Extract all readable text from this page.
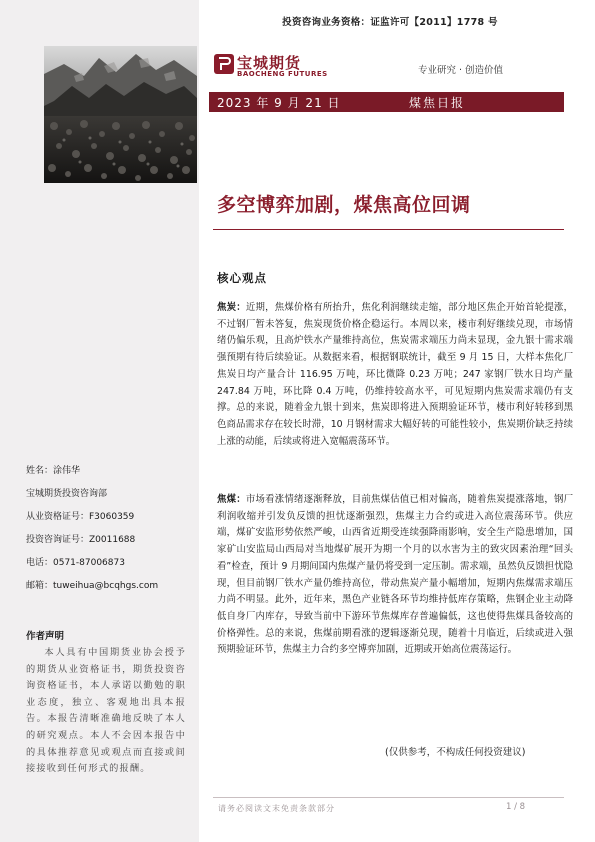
投资咨询业务资格：证监许可【2011】1778 号
宝城期货
BAOCHENG FUTURES	专业研究 · 创造价值
2023 年 9 月 21 日	煤焦日报
多空博弈加剧，煤焦高位回调
核心观点

焦炭：近期，焦煤价格有所抬升，焦化利润继续走缩，部分地区焦企开始首轮提涨，不过钢厂暂未答复，焦炭现货价格企稳运行。本周以来，楼市利好继续兑现，市场情绪仍偏乐观，且高炉铁水产量维持高位，焦炭需求端压力尚未显现，金九银十需求端强预期有待后续验证。从数据来看，根据钢联统计，截至 9 月 15 日，大样本焦化厂焦炭日均产量合计 116.95 万吨，环比微降 0.23 万吨；247 家钢厂铁水日均产量 247.84 万吨，环比降 0.4 万吨，仍维持较高水平，可见短期内焦炭需求端仍有支撑。总的来说，随着金九银十到来，焦炭即将进入预期验证环节，楼市利好转移到黑色商品需求存在较长时滞，10 月钢材需求大幅好转的可能性较小，焦炭期价缺乏持续上涨的动能，后续或将进入宽幅震荡环节。

焦煤：市场看涨情绪逐渐释放，目前焦煤估值已相对偏高，随着焦炭提涨落地，钢厂利润收缩并引发负反馈的担忧逐渐强烈，焦煤主力合约或进入高位震荡环节。供应端，煤矿安监形势依然严峻，山西省近期受连续强降雨影响，安全生产隐患增加，国家矿山安监局山西局对当地煤矿展开为期一个月的以水害为主的致灾因素治理“回头看”检查，预计 9 月期间国内焦煤产量仍将受到一定压制。需求端，虽然负反馈担忧隐现，但目前钢厂铁水产量仍维持高位，带动焦炭产量小幅增加，短期内焦煤需求端压力尚不明显。此外，近年来，黑色产业链各环节均维持低库存策略，焦钢企业主动降低自身厂内库存，导致当前中下游环节焦煤库存普遍偏低，这也使得焦煤具备较高的价格弹性。总的来说，焦煤前期看涨的逻辑逐渐兑现，随着十月临近，后续或进入强预期验证环节，焦煤主力合约多空博弈加剧，近期或开始高位震荡运行。

(仅供参考，不构成任何投资建议)
姓名：涂伟华
宝城期货投资咨询部
从业资格证号：F3060359
投资咨询证号：Z0011688
电话：0571-87006873
邮箱：tuweihua@bcqhgs.com
作者声明

本人具有中国期货业协会授予的期货从业资格证书，期货投资咨询资格证书，本人承诺以勤勉的职业态度，独立、客观地出具本报告。本报告清晰准确地反映了本人的研究观点。本人不会因本报告中的具体推荐意见或观点而直接或间接接收到任何形式的报酬。

请务必阅读文末免责条款部分	1 / 8
